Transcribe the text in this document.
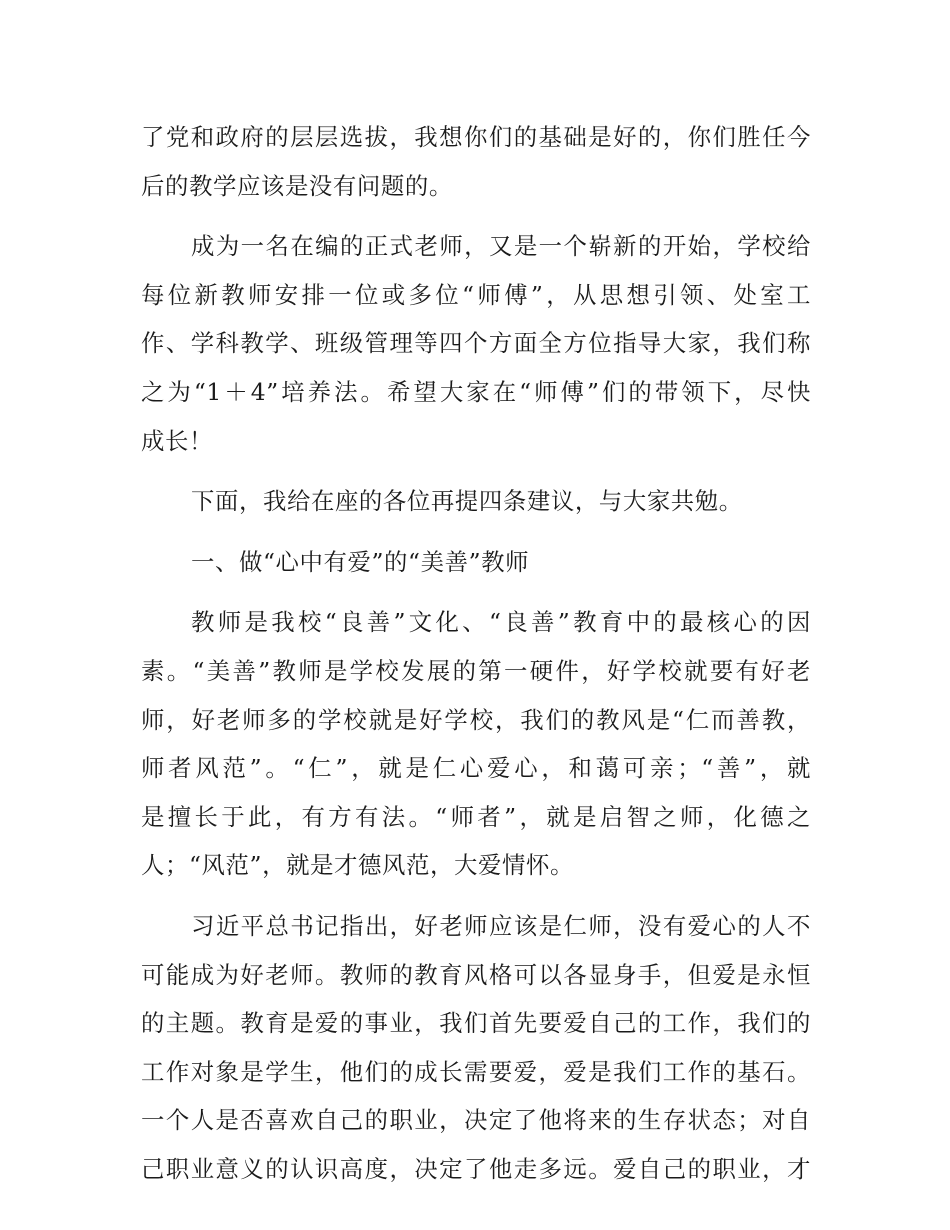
了党和政府的层层选拔，我想你们的基础是好的，你们胜任今
后的教学应该是没有问题的。
成为一名在编的正式老师，又是一个崭新的开始，学校给
每位新教师安排一位或多位“师傅”，从思想引领、处室工
作、学科教学、班级管理等四个方面全方位指导大家，我们称
之为“1＋4”培养法。希望大家在“师傅”们的带领下，尽快
成长！
下面，我给在座的各位再提四条建议，与大家共勉。
一、做“心中有爱”的“美善”教师
教师是我校“良善”文化、“良善”教育中的最核心的因
素。“美善”教师是学校发展的第一硬件，好学校就要有好老
师，好老师多的学校就是好学校，我们的教风是“仁而善教，
师者风范”。“仁”，就是仁心爱心，和蔼可亲；“善”，就
是擅长于此，有方有法。“师者”，就是启智之师，化德之
人；“风范”，就是才德风范，大爱情怀。
习近平总书记指出，好老师应该是仁师，没有爱心的人不
可能成为好老师。教师的教育风格可以各显身手，但爱是永恒
的主题。教育是爱的事业，我们首先要爱自己的工作，我们的
工作对象是学生，他们的成长需要爱，爱是我们工作的基石。
一个人是否喜欢自己的职业，决定了他将来的生存状态；对自
己职业意义的认识高度，决定了他走多远。爱自己的职业，才
